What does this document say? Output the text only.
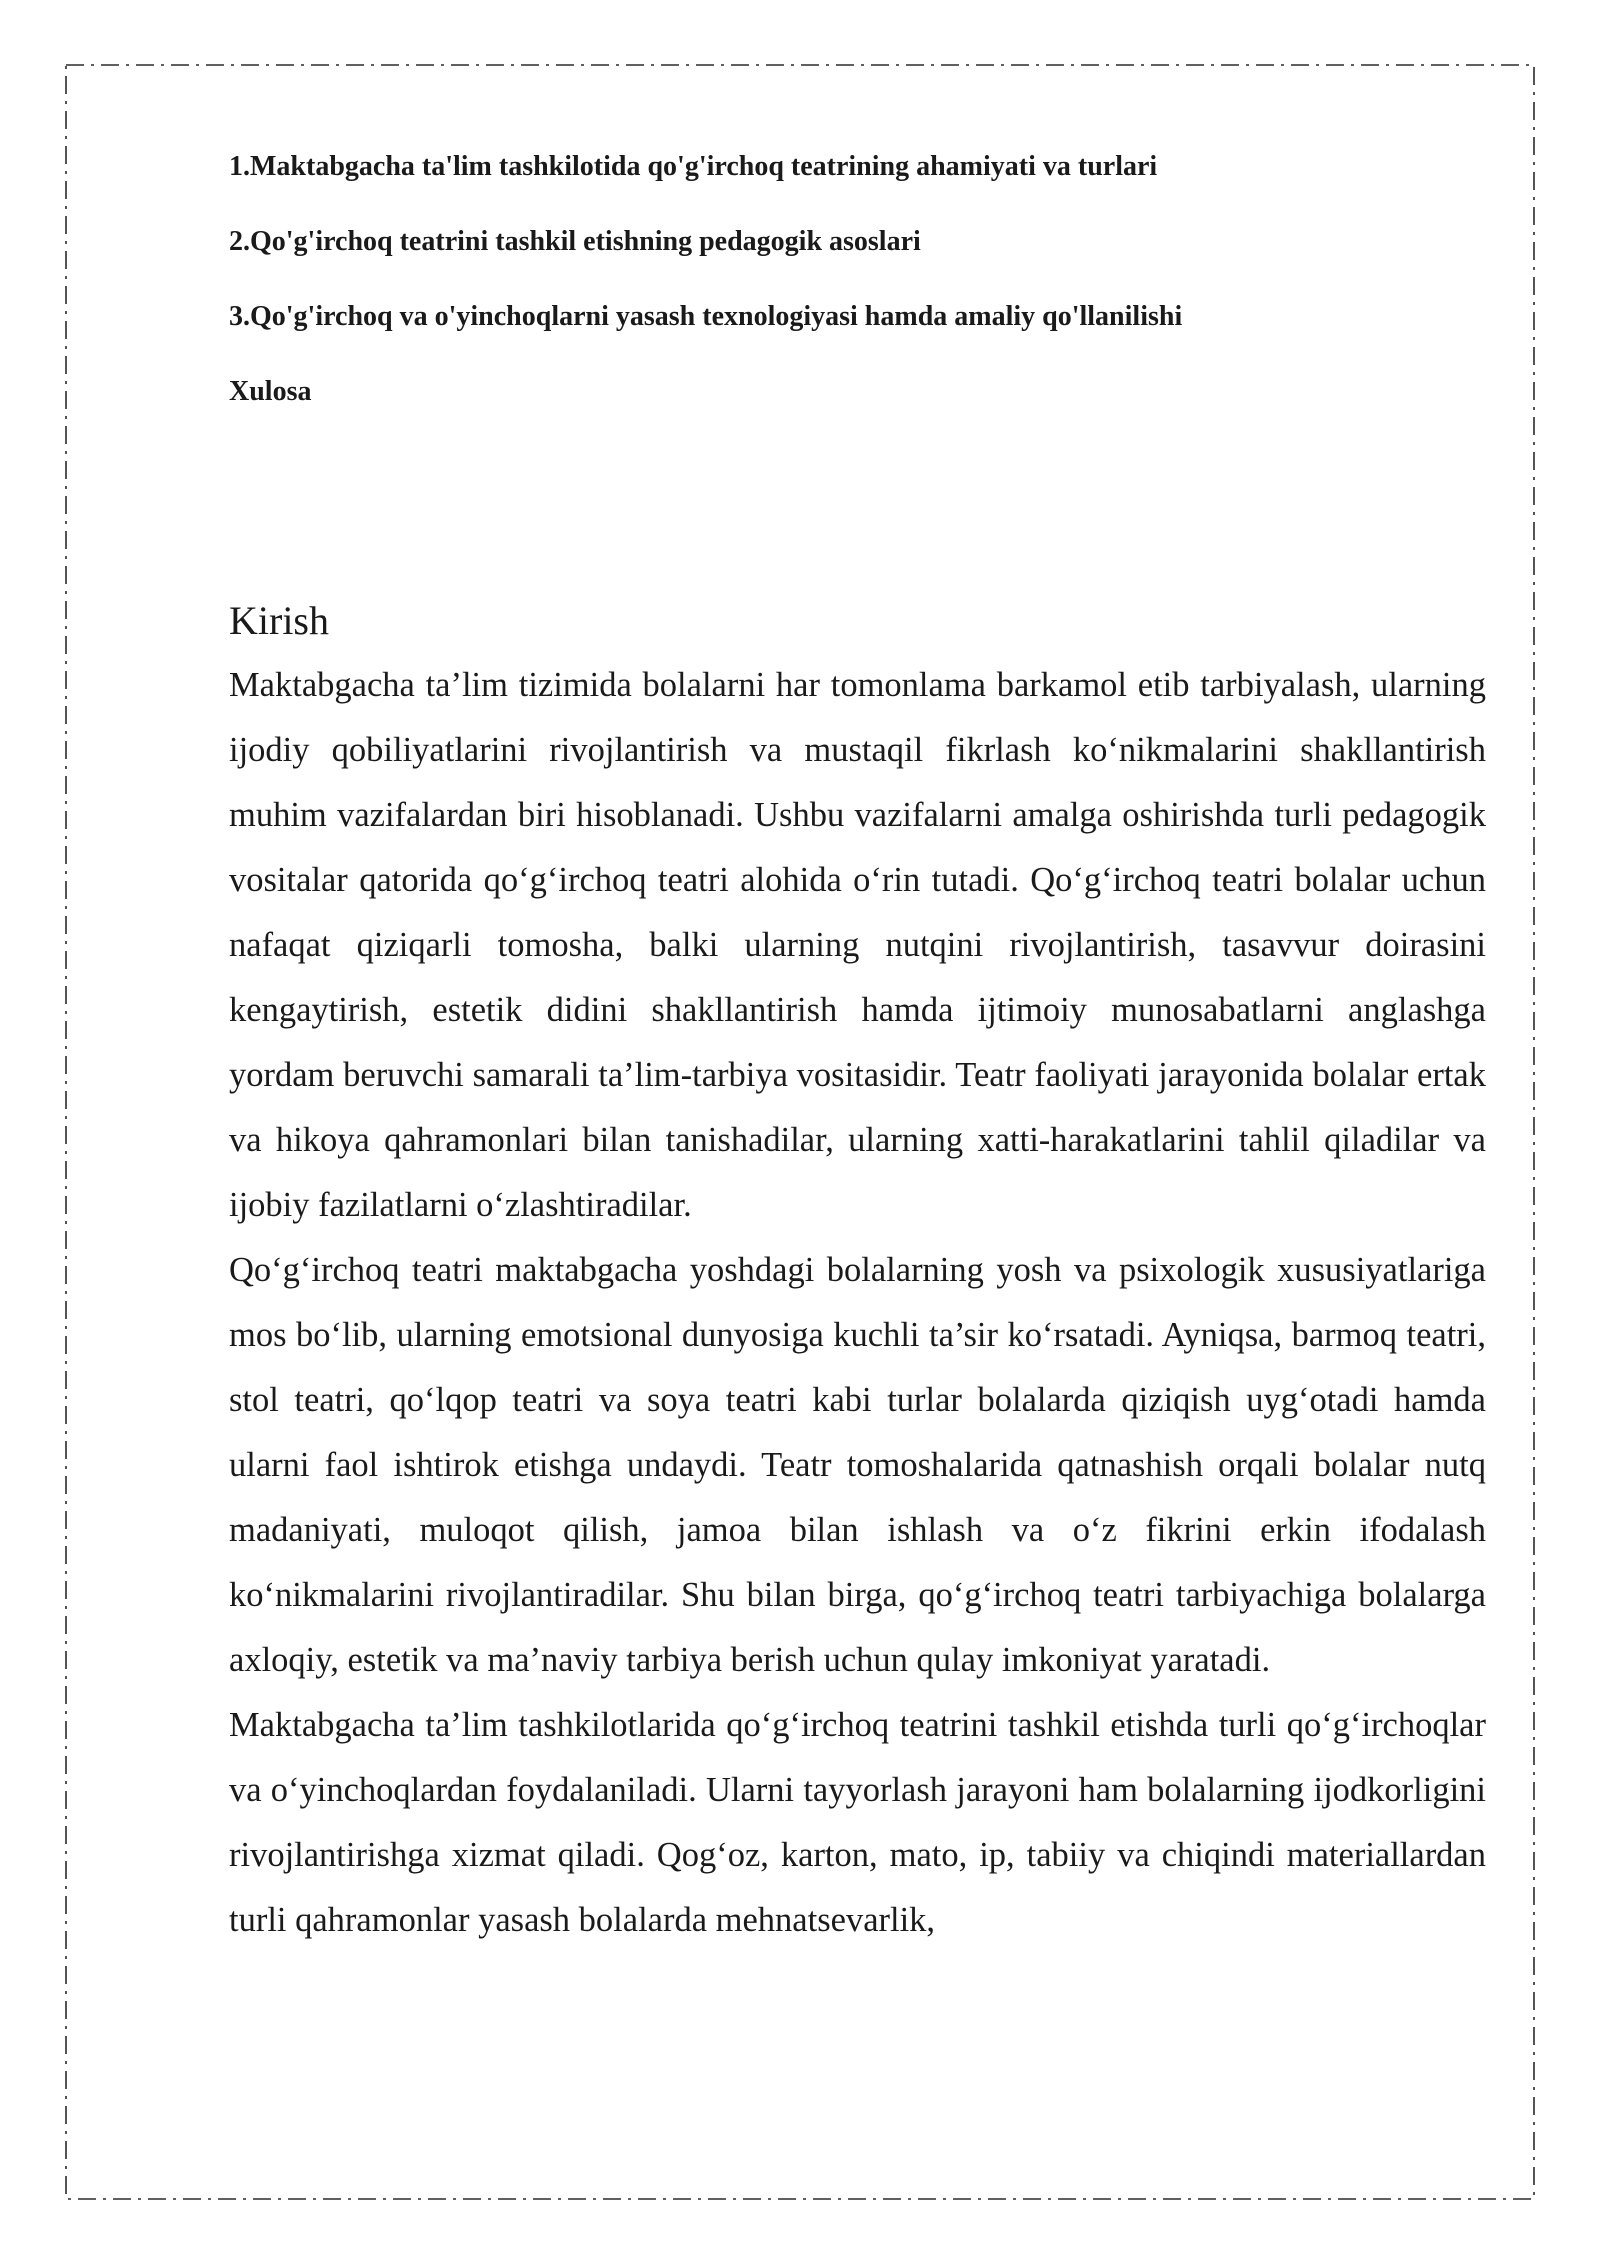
1.Maktabgacha ta'lim tashkilotida qo'g'irchoq teatrining ahamiyati va turlari
2.Qo'g'irchoq teatrini tashkil etishning pedagogik asoslari
3.Qo'g'irchoq va o'yinchoqlarni yasash texnologiyasi hamda amaliy qo'llanilishi
Xulosa
Kirish

Maktabgacha ta’lim tizimida bolalarni har tomonlama barkamol etib tarbiyalash, ularning ijodiy qobiliyatlarini rivojlantirish va mustaqil fikrlash ko‘nikmalarini shakllantirish muhim vazifalardan biri hisoblanadi. Ushbu vazifalarni amalga oshirishda turli pedagogik vositalar qatorida qo‘g‘irchoq teatri alohida o‘rin tutadi. Qo‘g‘irchoq teatri bolalar uchun nafaqat qiziqarli tomosha, balki ularning nutqini rivojlantirish, tasavvur doirasini kengaytirish, estetik didini shakllantirish hamda ijtimoiy munosabatlarni anglashga yordam beruvchi samarali ta’lim-tarbiya vositasidir. Teatr faoliyati jarayonida bolalar ertak va hikoya qahramonlari bilan tanishadilar, ularning xatti-harakatlarini tahlil qiladilar va ijobiy fazilatlarni o‘zlashtiradilar.

Qo‘g‘irchoq teatri maktabgacha yoshdagi bolalarning yosh va psixologik xususiyatlariga mos bo‘lib, ularning emotsional dunyosiga kuchli ta’sir ko‘rsatadi. Ayniqsa, barmoq teatri, stol teatri, qo‘lqop teatri va soya teatri kabi turlar bolalarda qiziqish uyg‘otadi hamda ularni faol ishtirok etishga undaydi. Teatr tomoshalarida qatnashish orqali bolalar nutq madaniyati, muloqot qilish, jamoa bilan ishlash va o‘z fikrini erkin ifodalash ko‘nikmalarini rivojlantiradilar. Shu bilan birga, qo‘g‘irchoq teatri tarbiyachiga bolalarga axloqiy, estetik va ma’naviy tarbiya berish uchun qulay imkoniyat yaratadi.

Maktabgacha ta’lim tashkilotlarida qo‘g‘irchoq teatrini tashkil etishda turli qo‘g‘irchoqlar va o‘yinchoqlardan foydalaniladi. Ularni tayyorlash jarayoni ham bolalarning ijodkorligini rivojlantirishga xizmat qiladi. Qog‘oz, karton, mato, ip, tabiiy va chiqindi materiallardan turli qahramonlar yasash bolalarda mehnatsevarlik,
